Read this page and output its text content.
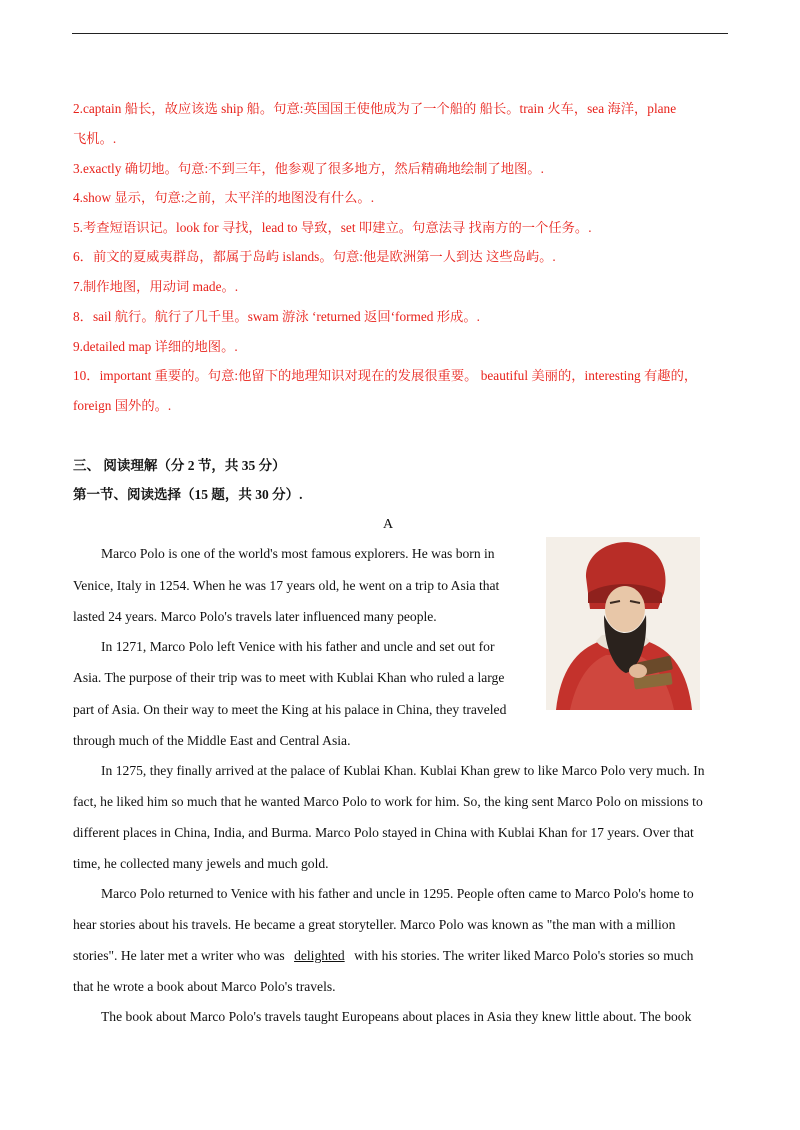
2.captain 船长，故应该选 ship 船。句意:英国国王使他成为了一个船的 船长。train 火车，sea 海洋，plane
飞机。.
3.exactly 确切地。句意:不到三年，他参观了很多地方，然后精确地绘制了地图。.
4.show 显示，句意:之前，太平洋的地图没有什么。.
5.考查短语识记。look for 寻找，lead to 导致，set 叩建立。句意法寻 找南方的一个任务。.
6．前文的夏威夷群岛，都属于岛屿 islands。句意:他是欧洲第一人到达 这些岛屿。.
7.制作地图，用动词 made。.
8．sail 航行。航行了几千里。swam 游泳 ‘returned 返回‘formed 形成。.
9.detailed map 详细的地图。.
10．important 重要的。句意:他留下的地理知识对现在的发展很重要。 beautiful 美丽的，interesting 有趣的，
foreign 国外的。.
三、 阅读理解（分 2 节，共 35 分）
第一节、阅读选择（15 题，共 30 分）.
A
Marco Polo is one of the world's most famous explorers. He was born in
Venice, Italy in 1254. When he was 17 years old, he went on a trip to Asia that
lasted 24 years. Marco Polo's travels later influenced many people.
In 1271, Marco Polo left Venice with his father and uncle and set out for
Asia. The purpose of their trip was to meet with Kublai Khan who ruled a large
part of Asia. On their way to meet the King at his palace in China, they traveled
through much of the Middle East and Central Asia.
In 1275, they finally arrived at the palace of Kublai Khan. Kublai Khan grew to like Marco Polo very much. In
fact, he liked him so much that he wanted Marco Polo to work for him. So, the king sent Marco Polo on missions to
different places in China, India, and Burma. Marco Polo stayed in China with Kublai Khan for 17 years. Over that
time, he collected many jewels and much gold.
Marco Polo returned to Venice with his father and uncle in 1295. People often came to Marco Polo's home to
hear stories about his travels. He became a great storyteller. Marco Polo was known as "the man with a million
stories". He later met a writer who was delighted with his stories. The writer liked Marco Polo's stories so much
that he wrote a book about Marco Polo's travels.
The book about Marco Polo's travels taught Europeans about places in Asia they knew little about. The book
